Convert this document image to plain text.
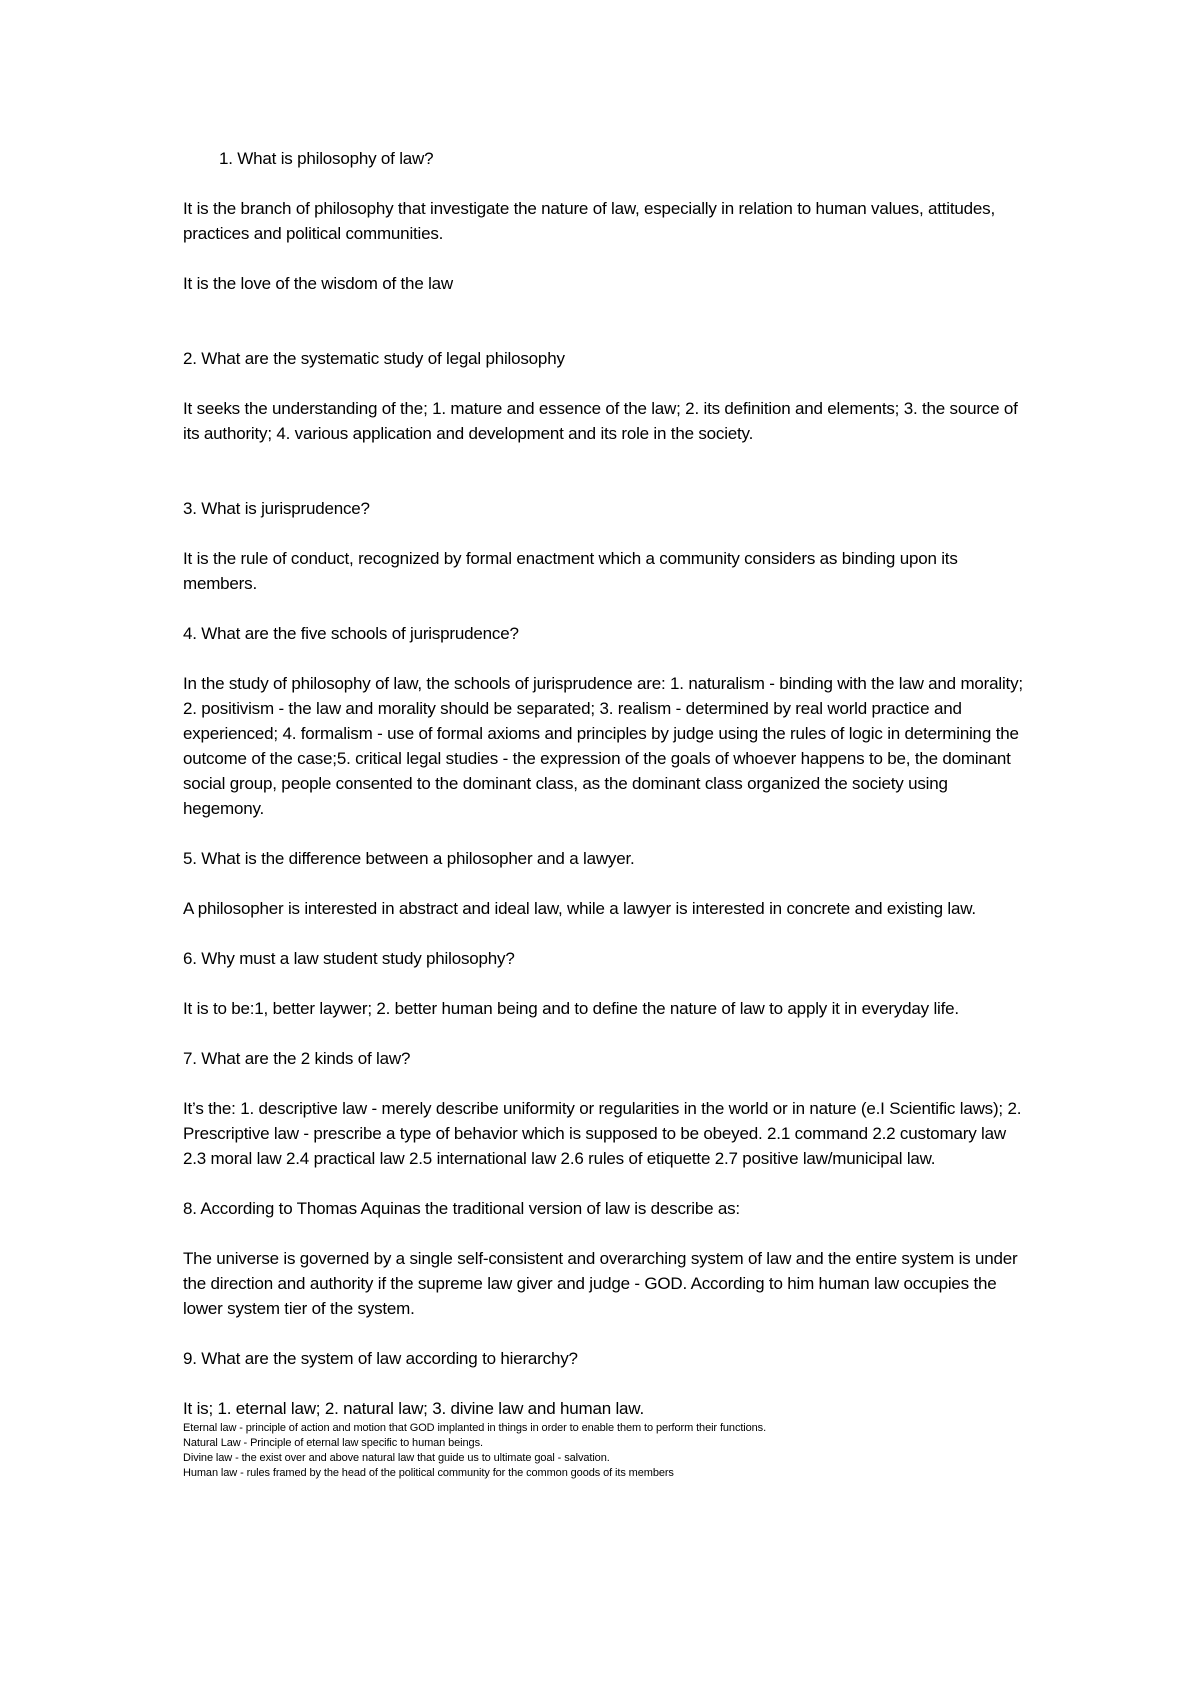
1. What is philosophy of law?

It is the branch of philosophy that investigate the nature of law, especially in relation to human values, attitudes, practices and political communities.

It is the love of the wisdom of the law

2. What are the systematic study of legal philosophy

It seeks the understanding of the; 1. mature and essence of the law; 2. its definition and elements; 3. the source of its authority; 4. various application and development and its role in the society.

3. What is jurisprudence?

It is the rule of conduct, recognized by formal enactment which a community considers as binding upon its members.

4. What are the five schools of jurisprudence?

In the study of philosophy of law, the schools of jurisprudence are: 1. naturalism - binding with the law and morality; 2. positivism - the law and morality should be separated; 3. realism - determined by real world practice and experienced; 4. formalism - use of formal axioms and principles by judge using the rules of logic in determining the outcome of the case;5. critical legal studies - the expression of the goals of whoever happens to be, the dominant social group, people consented to the dominant class, as the dominant class organized the society using hegemony.

5. What is the difference between a philosopher and a lawyer.

A philosopher is interested in abstract and ideal law, while a lawyer is interested in concrete and existing law.

6. Why must a law student study philosophy?

It is to be:1, better laywer; 2. better human being and to define the nature of law to apply it in everyday life.

7. What are the 2 kinds of law?

It’s the: 1. descriptive law - merely describe uniformity or regularities in the world or in nature (e.I Scientific laws); 2. Prescriptive law - prescribe a type of behavior which is supposed to be obeyed. 2.1 command 2.2 customary law 2.3 moral law 2.4 practical law 2.5 international law 2.6 rules of etiquette 2.7 positive law/municipal law.

8. According to Thomas Aquinas the traditional version of law is describe as:

The universe is governed by a single self-consistent and overarching system of law and the entire system is under the direction and authority if the supreme law giver and judge - GOD. According to him human law occupies the lower system tier of the system.

9. What are the system of law according to hierarchy?

It is; 1. eternal law; 2. natural law; 3. divine law and human law.

Eternal law - principle of action and motion that GOD implanted in things in order to enable them to perform their functions.

Natural Law - Principle of eternal law specific to human beings.

Divine law - the exist over and above natural law that guide us to ultimate goal - salvation.

Human law - rules framed by the head of the political community for the common goods of its members
